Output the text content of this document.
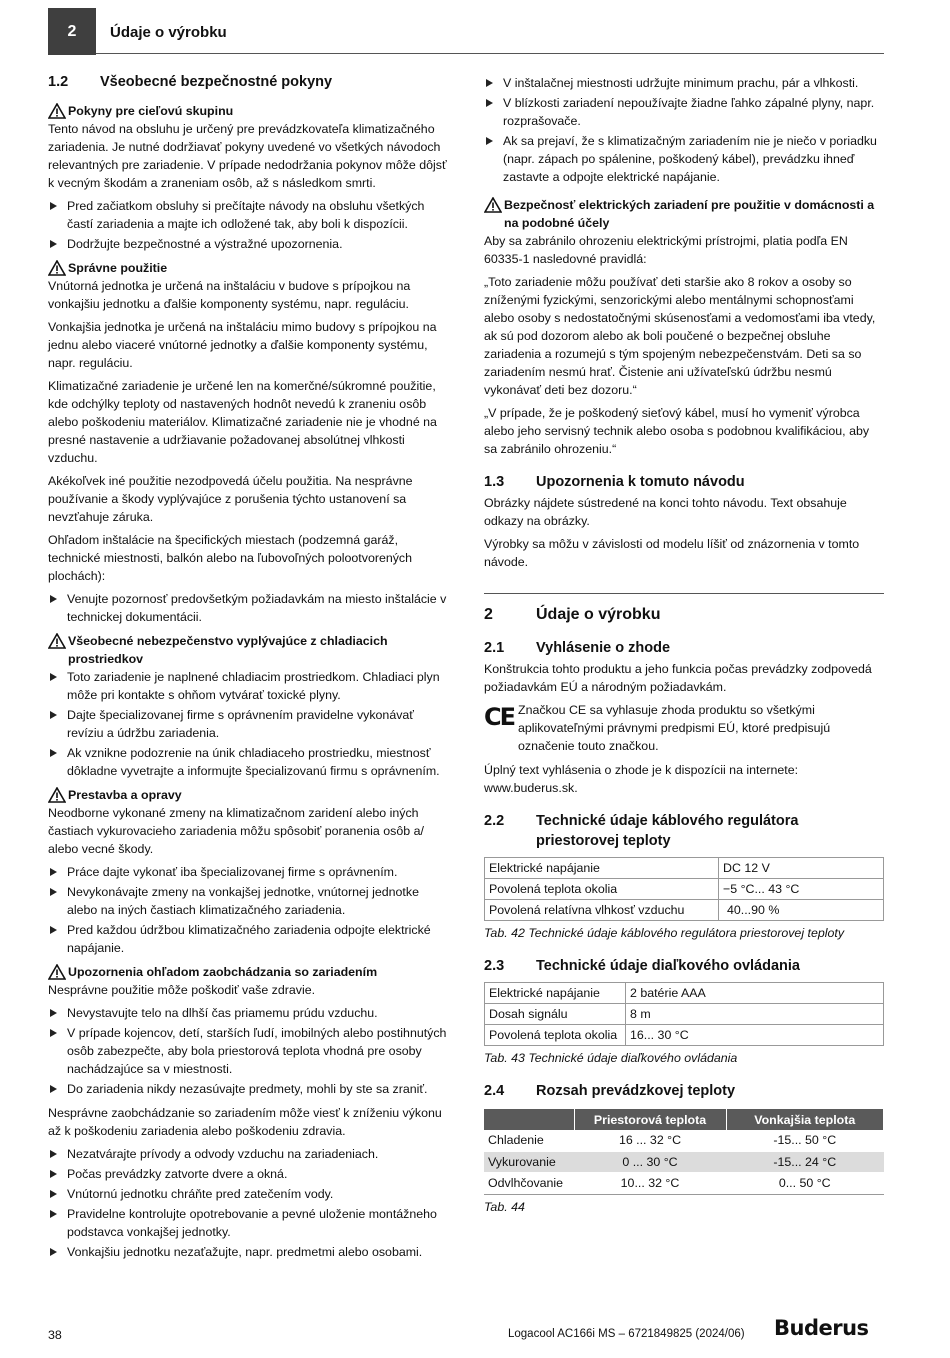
2 Údaje o výrobku
1.2	Všeobecné bezpečnostné pokyny
Pokyny pre cieľovú skupinu

Tento návod na obsluhu je určený pre prevádzkovateľa klimatizačného zariadenia. Je nutné dodržiavať pokyny uvedené vo všetkých návodoch relevantných pre zariadenie. V prípade nedodržania pokynov môže dôjsť k vecným škodám a zraneniam osôb, až s následkom smrti.

Pred začiatkom obsluhy si prečítajte návody na obsluhu všetkých častí zariadenia a majte ich odložené tak, aby boli k dispozícii.
Dodržujte bezpečnostné a výstražné upozornenia.
Správne použitie

Vnútorná jednotka je určená na inštaláciu v budove s prípojkou na vonkajšiu jednotku a ďalšie komponenty systému, napr. reguláciu.

Vonkajšia jednotka je určená na inštaláciu mimo budovy s prípojkou na jednu alebo viaceré vnútorné jednotky a ďalšie komponenty systému, napr. reguláciu.

Klimatizačné zariadenie je určené len na komerčné/súkromné použitie, kde odchýlky teploty od nastavených hodnôt nevedú k zraneniu osôb alebo poškodeniu materiálov. Klimatizačné zariadenie nie je vhodné na presné nastavenie a udržiavanie požadovanej absolútnej vlhkosti vzduchu.

Akékoľvek iné použitie nezodpovedá účelu použitia. Na nesprávne používanie a škody vyplývajúce z porušenia týchto ustanovení sa nevzťahuje záruka.

Ohľadom inštalácie na špecifických miestach (podzemná garáž, technické miestnosti, balkón alebo na ľubovoľných polootvorených plochách):

Venujte pozornosť predovšetkým požiadavkám na miesto inštalácie v technickej dokumentácii.
Všeobecné nebezpečenstvo vyplývajúce z chladiacich prostriedkov
Toto zariadenie je naplnené chladiacim prostriedkom. Chladiaci plyn môže pri kontakte s ohňom vytvárať toxické plyny.
Dajte špecializovanej firme s oprávnením pravidelne vykonávať revíziu a údržbu zariadenia.
Ak vznikne podozrenie na únik chladiaceho prostriedku, miestnosť dôkladne vyvetrajte a informujte špecializovanú firmu s oprávnením.
Prestavba a opravy

Neodborne vykonané zmeny na klimatizačnom zaridení alebo iných častiach vykurovacieho zariadenia môžu spôsobiť poranenia osôb a/ alebo vecné škody.

Práce dajte vykonať iba špecializovanej firme s oprávnením.
Nevykonávajte zmeny na vonkajšej jednotke, vnútornej jednotke alebo na iných častiach klimatizačného zariadenia.
Pred každou údržbou klimatizačného zariadenia odpojte elektrické napájanie.
Upozornenia ohľadom zaobchádzania so zariadením

Nesprávne použitie môže poškodiť vaše zdravie.

Nevystavujte telo na dlhší čas priamemu prúdu vzduchu.
V prípade kojencov, detí, starších ľudí, imobilných alebo postihnutých osôb zabezpečte, aby bola priestorová teplota vhodná pre osoby nachádzajúce sa v miestnosti.
Do zariadenia nikdy nezasúvajte predmety, mohli by ste sa zraniť.

Nesprávne zaobchádzanie so zariadením môže viesť k zníženiu výkonu až k poškodeniu zariadenia alebo poškodeniu zdravia.

Nezatvárajte prívody a odvody vzduchu na zariadeniach.
Počas prevádzky zatvorte dvere a okná.
Vnútornú jednotku chráňte pred zatečením vody.
Pravidelne kontrolujte opotrebovanie a pevné uloženie montážneho podstavca vonkajšej jednotky.
Vonkajšiu jednotku nezaťažujte, napr. predmetmi alebo osobami.
V inštalačnej miestnosti udržujte minimum prachu, pár a vlhkosti.
V blízkosti zariadení nepoužívajte žiadne ľahko zápalné plyny, napr. rozprašovače.
Ak sa prejaví, že s klimatizačným zariadením nie je niečo v poriadku (napr. zápach po spálenine, poškodený kábel), prevádzku ihneď zastavte a odpojte elektrické napájanie.
Bezpečnosť elektrických zariadení pre použitie v domácnosti a na podobné účely

Aby sa zabránilo ohrozeniu elektrickými prístrojmi, platia podľa EN 60335-1 nasledovné pravidlá:

„Toto zariadenie môžu používať deti staršie ako 8 rokov a osoby so zníženými fyzickými, senzorickými alebo mentálnymi schopnosťami alebo osoby s nedostatočnými skúsenosťami a vedomosťami iba vtedy, ak sú pod dozorom alebo ak boli poučené o bezpečnej obsluhe zariadenia a rozumejú s tým spojeným nebezpečenstvám. Deti sa so zariadením nesmú hrať. Čistenie ani užívateľskú údržbu nesmú vykonávať deti bez dozoru.“

„V prípade, že je poškodený sieťový kábel, musí ho vymeniť výrobca alebo jeho servisný technik alebo osoba s podobnou kvalifikáciou, aby sa zabránilo ohrozeniu.“

1.3	Upozornenia k tomuto návodu

Obrázky nájdete sústredené na konci tohto návodu. Text obsahuje odkazy na obrázky.

Výrobky sa môžu v závislosti od modelu líšiť od znázornenia v tomto návode.

2	Údaje o výrobku
2.1	Vyhlásenie o zhode

Konštrukcia tohto produktu a jeho funkcia počas prevádzky zodpovedá požiadavkám EÚ a národným požiadavkám.

CE Značkou CE sa vyhlasuje zhoda produktu so všetkými aplikovateľnými právnymi predpismi EÚ, ktoré predpisujú označenie touto značkou.

Úplný text vyhlásenia o zhode je k dispozícii na internete: www.buderus.sk.

2.2	Technické údaje káblového regulátora priestorovej teploty
Elektrické napájanie	DC 12 V
Povolená teplota okolia	−5 °C... 43 °C
Povolená relatívna vlhkosť vzduchu	40...90 %
Tab. 42 Technické údaje káblového regulátora priestorovej teploty
2.3	Technické údaje diaľkového ovládania
Elektrické napájanie	2 batérie AAA
Dosah signálu	8 m
Povolená teplota okolia	16... 30 °C
Tab. 43 Technické údaje diaľkového ovládania
2.4	Rozsah prevádzkovej teploty
	Priestorová teplota	Vonkajšia teplota
Chladenie	16 ... 32 °C	-15... 50 °C
Vykurovanie	0 ... 30 °C	-15... 24 °C
Odvlhčovanie	10... 32 °C	0... 50 °C
Tab. 44
38	Logacool AC166i MS – 6721849825 (2024/06) Buderus
